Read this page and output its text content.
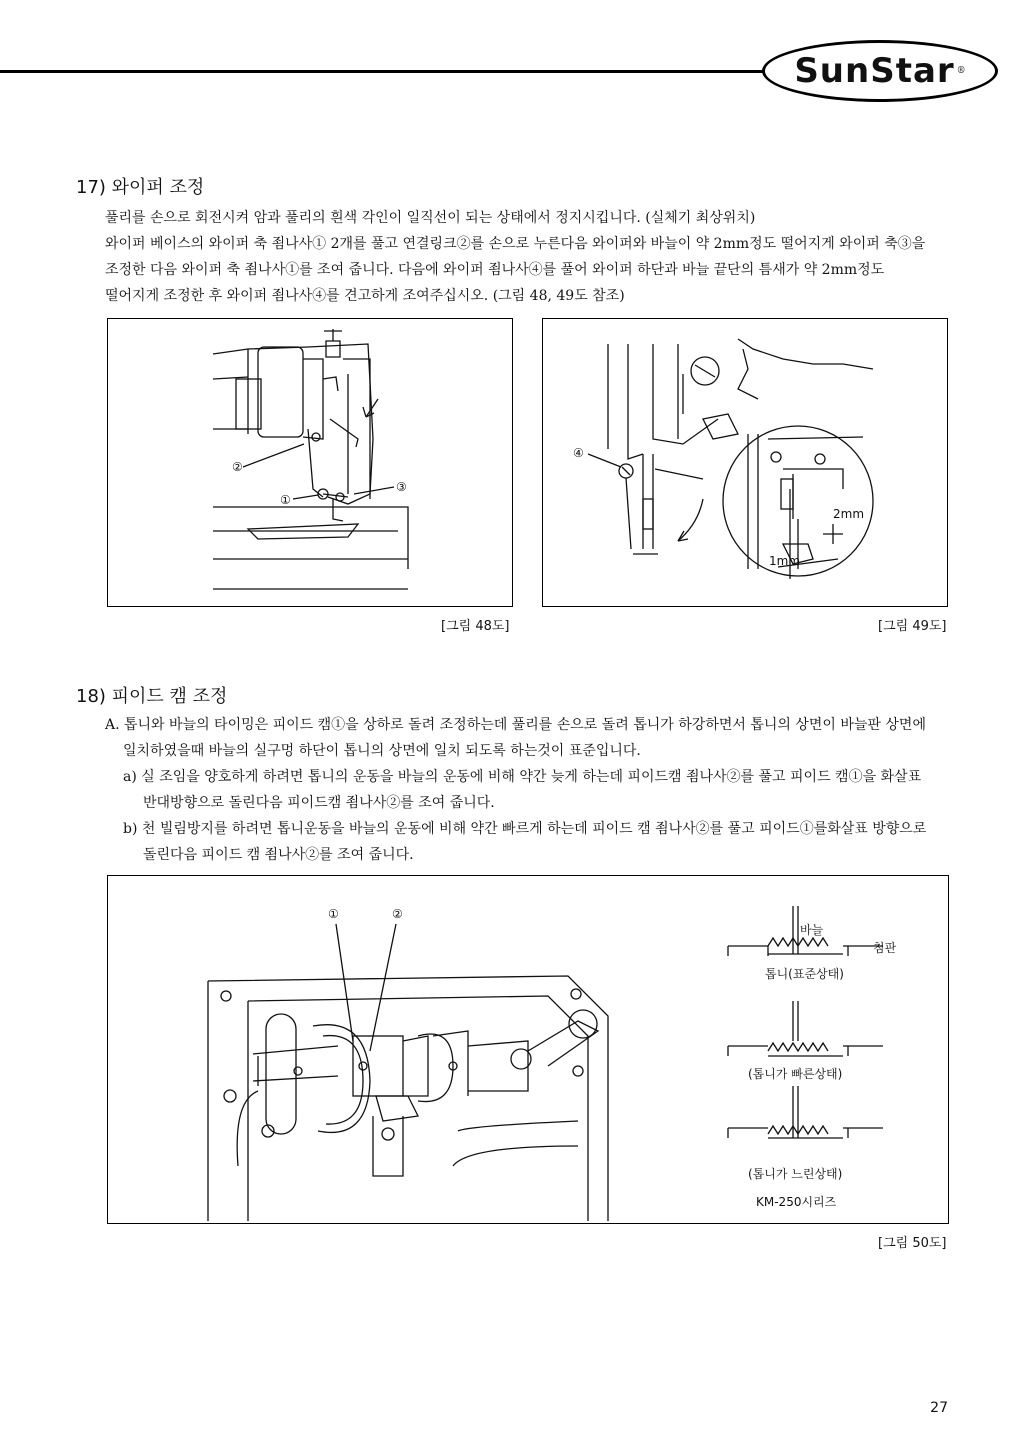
SunStar ®
17) 와이퍼 조정

풀리를 손으로 회전시켜 암과 풀리의 흰색 각인이 일직선이 되는 상태에서 정지시킵니다. (실체기 최상위치)

와이퍼 베이스의 와이퍼 축 죔나사① 2개를 풀고 연결링크②를 손으로 누른다음 와이퍼와 바늘이 약 2mm정도 떨어지게 와이퍼 축③을

조정한 다음 와이퍼 축 죔나사①를 조여 줍니다. 다음에 와이퍼 죔나사④를 풀어 와이퍼 하단과 바늘 끝단의 틈새가 약 2mm정도

떨어지게 조정한 후 와이퍼 죔나사④를 견고하게 조여주십시오. (그림 48, 49도 참조)

②
①
③
[그림 48도]
④
2mm
1mm
[그림 49도]
18) 피이드 캠 조정

A. 톱니와 바늘의 타이밍은 피이드 캠①을 상하로 돌려 조정하는데 풀리를 손으로 돌려 톱니가 하강하면서 톱니의 상면이 바늘판 상면에

일치하였을때 바늘의 실구멍 하단이 톱니의 상면에 일치 되도록 하는것이 표준입니다.

a) 실 조임을 양호하게 하려면 톱니의 운동을 바늘의 운동에 비해 약간 늦게 하는데 피이드캠 죔나사②를 풀고 피이드 캠①을 화살표

반대방향으로 돌린다음 피이드캠 죔나사②를 조여 줍니다.

b) 천 빌림방지를 하려면 톱니운동을 바늘의 운동에 비해 약간 빠르게 하는데 피이드 캠 죔나사②를 풀고 피이드①를화살표 방향으로

돌린다음 피이드 캠 죔나사②를 조여 줍니다.

①	②
바늘
침판
톱니(표준상태)
(톱니가 빠른상태)
(톱니가 느린상태)
KM-250시리즈
[그림 50도]
27
